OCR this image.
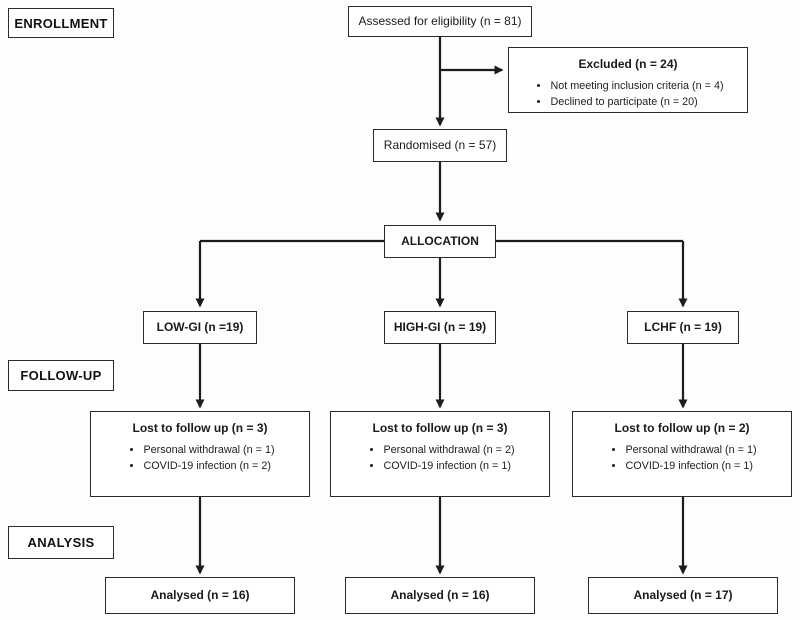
ENROLLMENT
FOLLOW-UP
ANALYSIS
Assessed for eligibility (n = 81)
Excluded (n = 24)
• Not meeting inclusion criteria (n = 4)
• Declined to participate (n = 20)
Randomised (n = 57)
ALLOCATION
LOW-GI (n =19)	HIGH-GI (n = 19)	LCHF (n = 19)
Lost to follow up (n = 3)
• Personal withdrawal (n = 1)
• COVID-19 infection (n = 2)
Lost to follow up (n = 3)
• Personal withdrawal (n = 2)
• COVID-19 infection (n = 1)
Lost to follow up (n = 2)
• Personal withdrawal (n = 1)
• COVID-19 infection (n = 1)
Analysed (n = 16)	Analysed (n = 16)	Analysed (n = 17)
